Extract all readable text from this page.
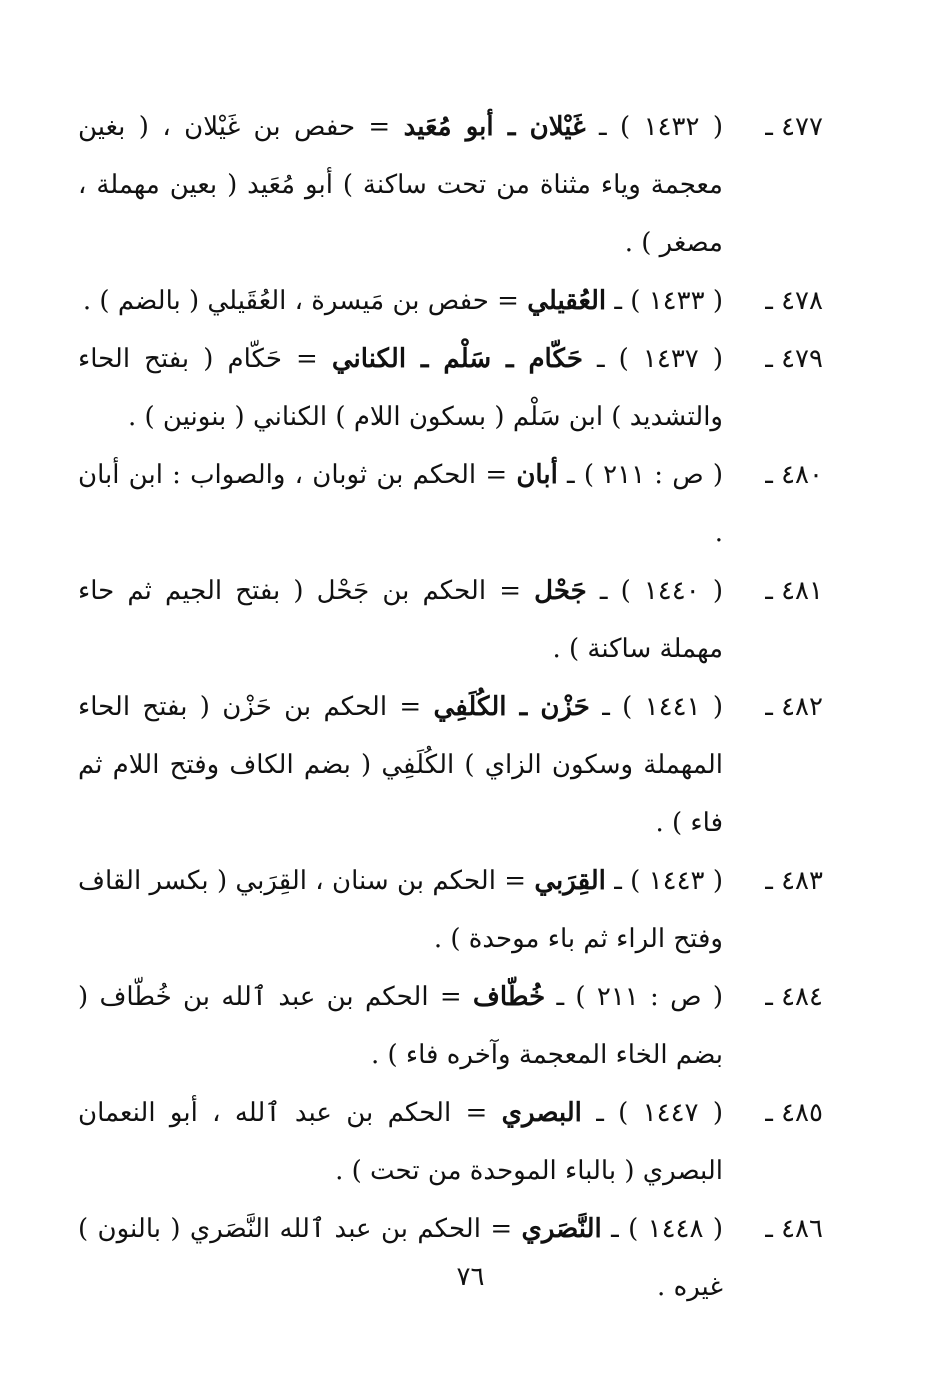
٤٧٧ ـ
( ١٤٣٢ ) ـ غَيْلان ـ أبو مُعَيد = حفص بن غَيْلان ، ( بغين معجمة وياء مثناة من تحت ساكنة ) أبو مُعَيد ( بعين مهملة ، مصغر ) .
٤٧٨ ـ
( ١٤٣٣ ) ـ العُقيلي = حفص بن مَيسرة ، العُقَيلي ( بالضم ) .
٤٧٩ ـ
( ١٤٣٧ ) ـ حَكّام ـ سَلْم ـ الكناني = حَكّام ( بفتح الحاء والتشديد ) ابن سَلْم ( بسكون اللام ) الكناني ( بنونين ) .
٤٨٠ ـ
( ص : ٢١١ ) ـ أبان = الحكم بن ثوبان ، والصواب : ابن أبان .
٤٨١ ـ
( ١٤٤٠ ) ـ جَحْل = الحكم بن جَحْل ( بفتح الجيم ثم حاء مهملة ساكنة ) .
٤٨٢ ـ
( ١٤٤١ ) ـ حَزْن ـ الكُلَفِي = الحكم بن حَزْن ( بفتح الحاء المهملة وسكون الزاي ) الكُلَفِي ( بضم الكاف وفتح اللام ثم فاء ) .
٤٨٣ ـ
( ١٤٤٣ ) ـ القِرَبي = الحكم بن سنان ، القِرَبي ( بكسر القاف وفتح الراء ثم باء موحدة ) .
٤٨٤ ـ
( ص : ٢١١ ) ـ خُطّاف = الحكم بن عبد ٱلله بن خُطّاف ( بضم الخاء المعجمة وآخره فاء ) .
٤٨٥ ـ
( ١٤٤٧ ) ـ البصري = الحكم بن عبد ٱلله ، أبو النعمان البصري ( بالباء الموحدة من تحت ) .
٤٨٦ ـ
( ١٤٤٨ ) ـ النَّصَري = الحكم بن عبد ٱلله النَّصَري ( بالنون ) غيره .
٧٦
